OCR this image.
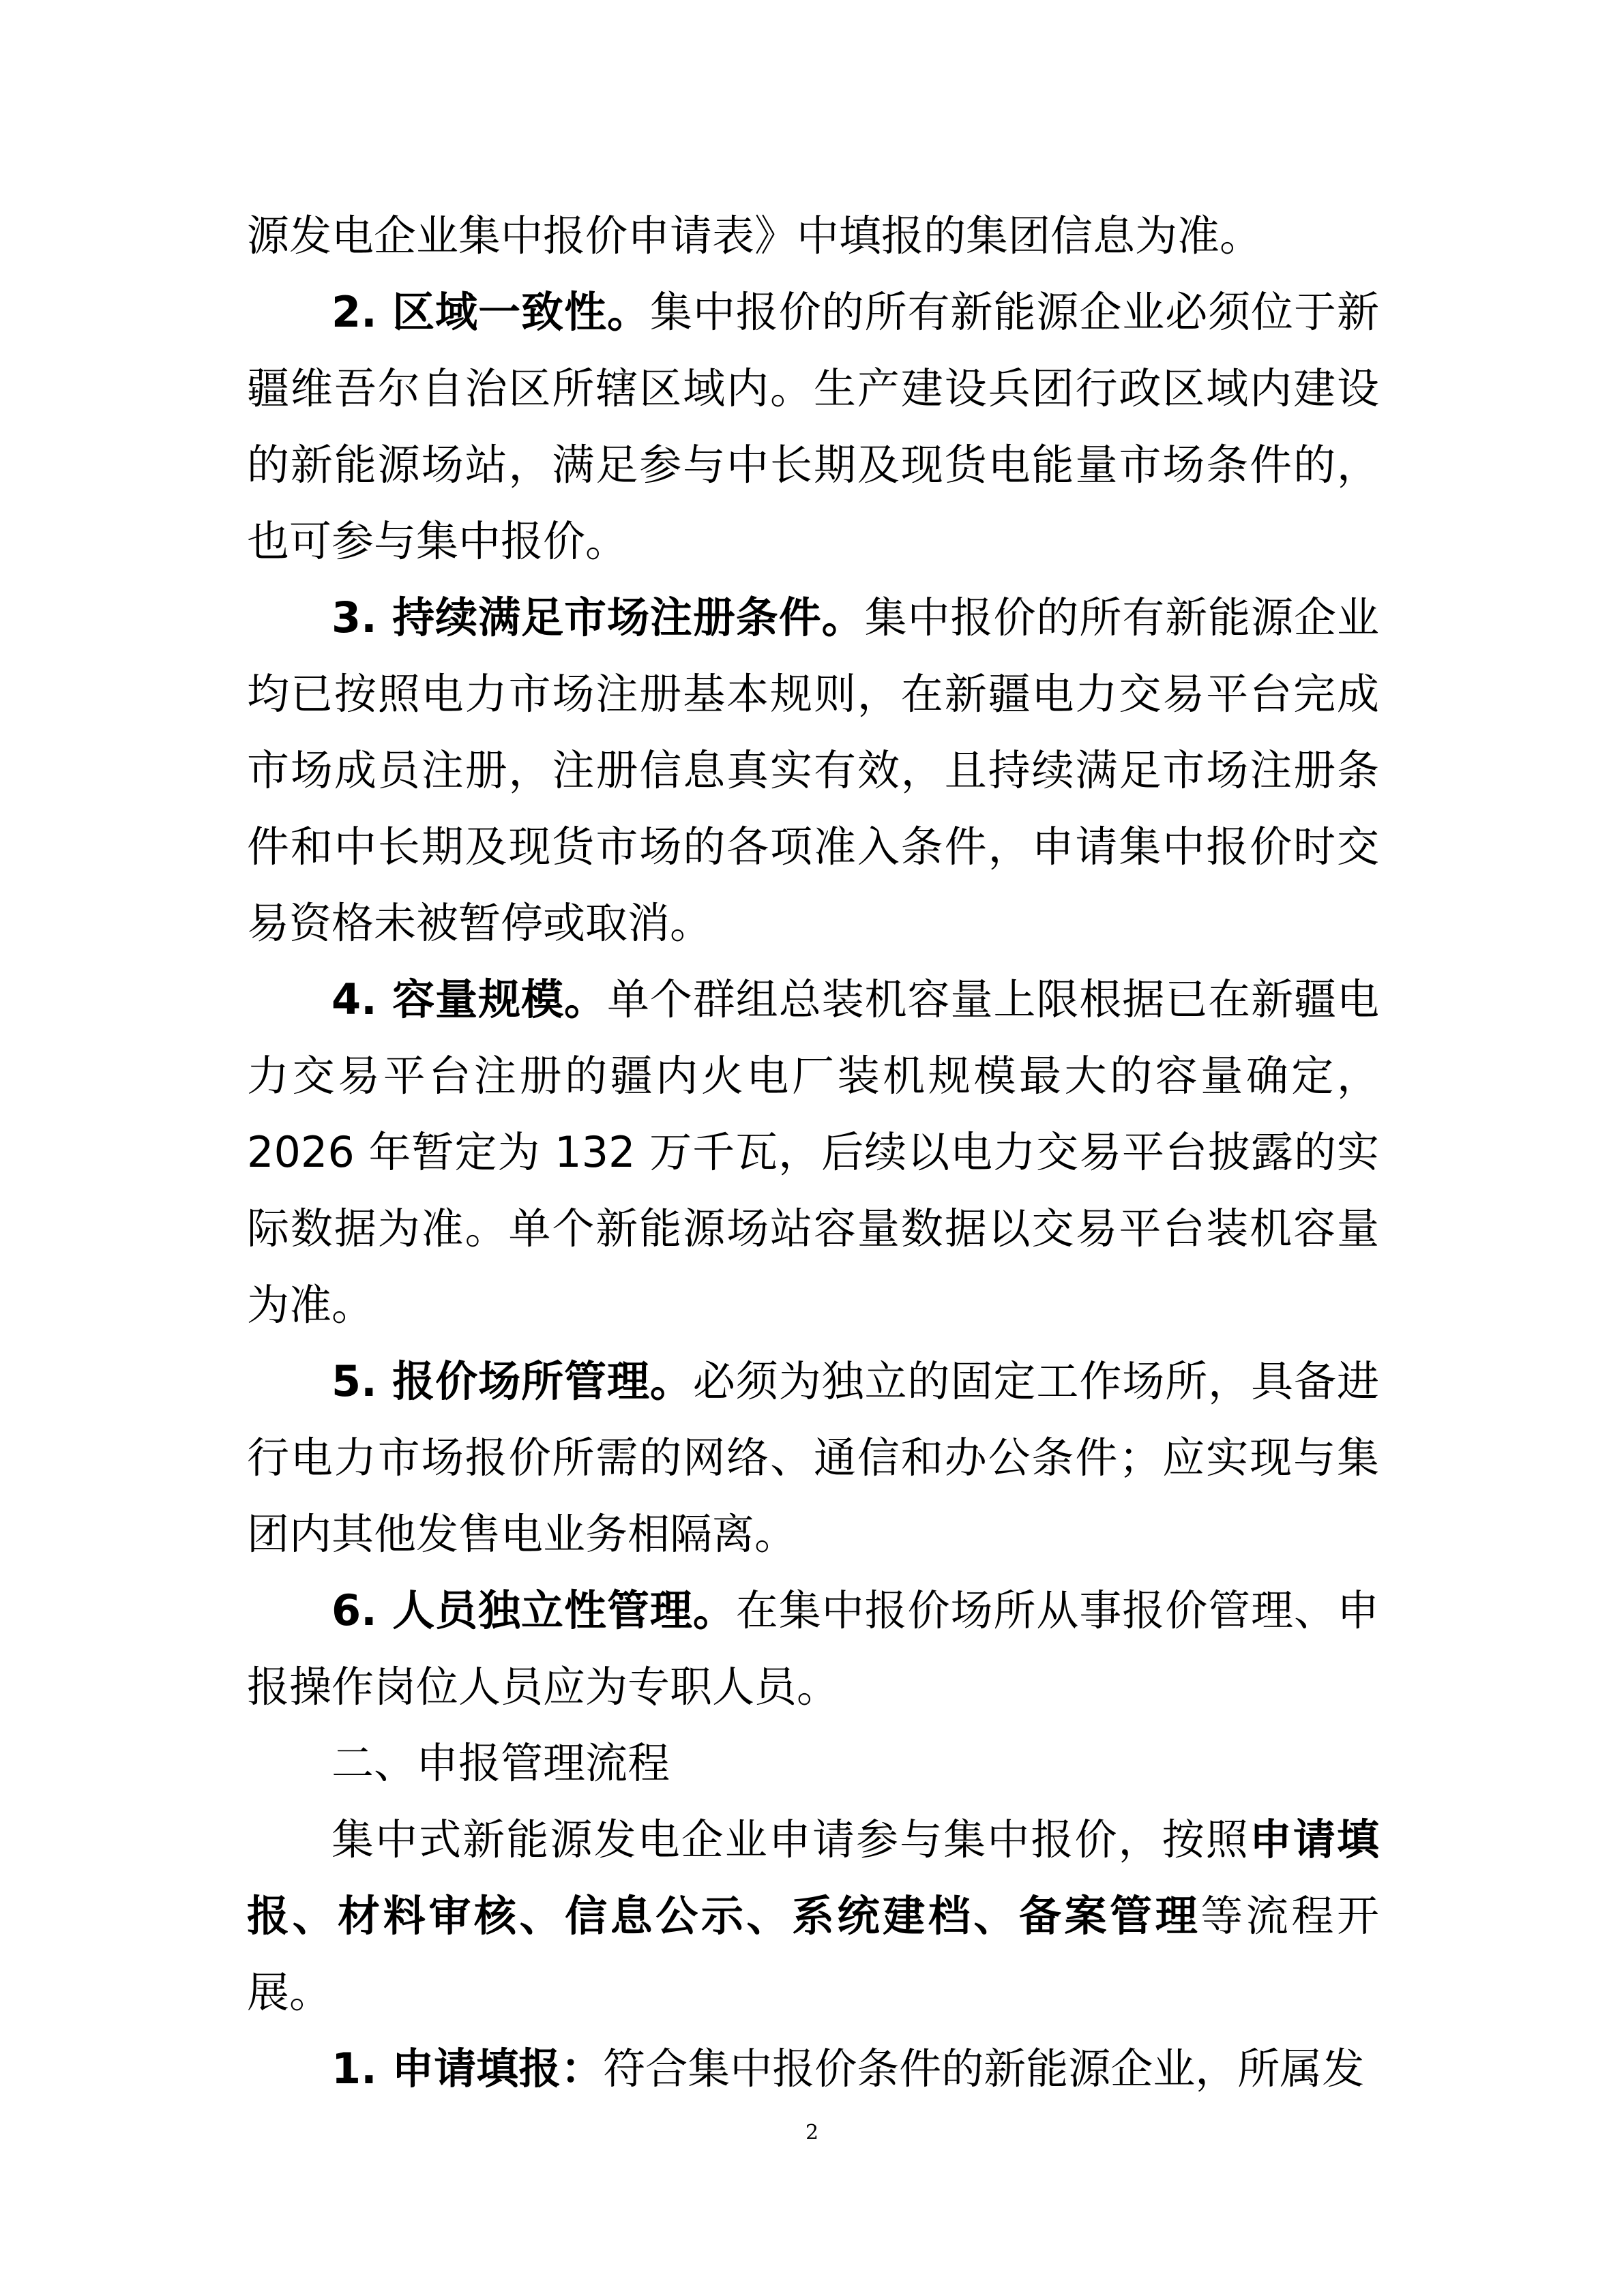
源发电企业集中报价申请表》中填报的集团信息为准。

2. 区域一致性。集中报价的所有新能源企业必须位于新疆维吾尔自治区所辖区域内。生产建设兵团行政区域内建设的新能源场站，满足参与中长期及现货电能量市场条件的，也可参与集中报价。

3. 持续满足市场注册条件。集中报价的所有新能源企业均已按照电力市场注册基本规则，在新疆电力交易平台完成市场成员注册，注册信息真实有效，且持续满足市场注册条件和中长期及现货市场的各项准入条件，申请集中报价时交易资格未被暂停或取消。

4. 容量规模。单个群组总装机容量上限根据已在新疆电力交易平台注册的疆内火电厂装机规模最大的容量确定，2026 年暂定为 132 万千瓦，后续以电力交易平台披露的实际数据为准。单个新能源场站容量数据以交易平台装机容量为准。

5. 报价场所管理。必须为独立的固定工作场所，具备进行电力市场报价所需的网络、通信和办公条件；应实现与集团内其他发售电业务相隔离。

6. 人员独立性管理。在集中报价场所从事报价管理、申报操作岗位人员应为专职人员。

二、申报管理流程

集中式新能源发电企业申请参与集中报价，按照申请填报、材料审核、信息公示、系统建档、备案管理等流程开展。

1. 申请填报：符合集中报价条件的新能源企业，所属发

2
